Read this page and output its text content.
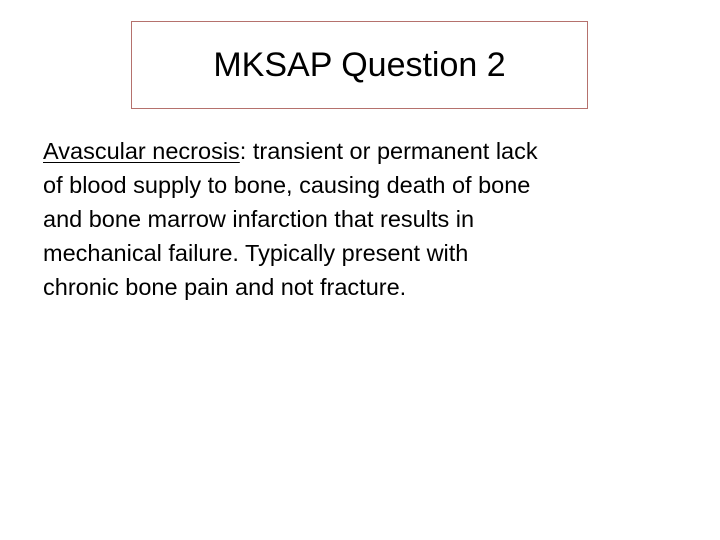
MKSAP Question 2
Avascular necrosis: transient or permanent lack
of blood supply to bone, causing death of bone
and bone marrow infarction that results in
mechanical failure. Typically present with
chronic bone pain and not fracture.
